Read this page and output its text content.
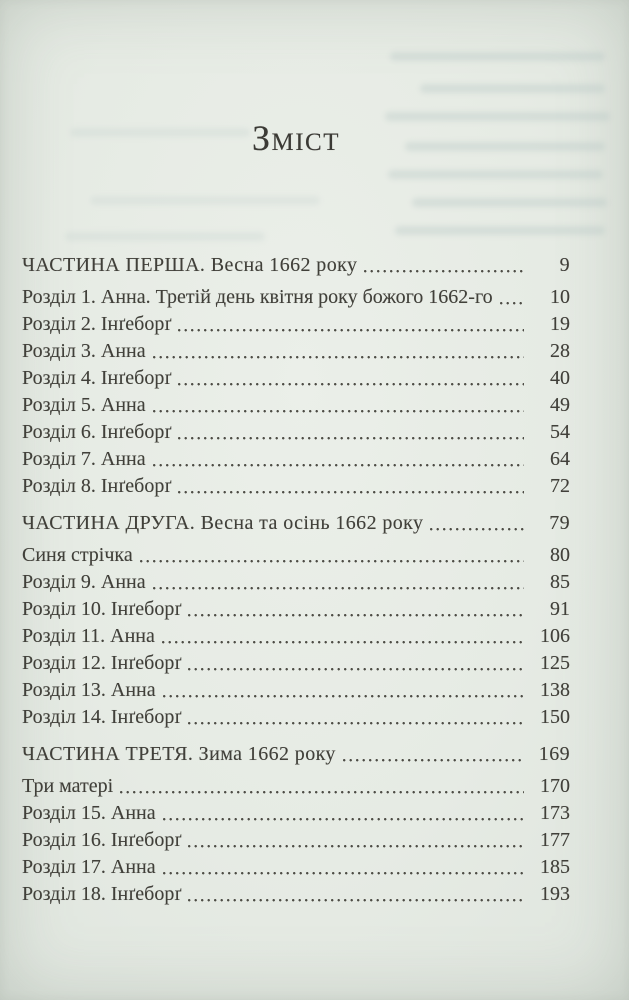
Зміст
ЧАСТИНА ПЕРША. Весна 1662 року	9
Розділ 1. Анна. Третій день квітня року божого 1662-го	10
Розділ 2. Інґеборґ	19
Розділ 3. Анна	28
Розділ 4. Інґеборґ	40
Розділ 5. Анна	49
Розділ 6. Інґеборґ	54
Розділ 7. Анна	64
Розділ 8. Інґеборґ	72
ЧАСТИНА ДРУГА. Весна та осінь 1662 року	79
Синя стрічка	80
Розділ 9. Анна	85
Розділ 10. Інґеборґ	91
Розділ 11. Анна	106
Розділ 12. Інґеборґ	125
Розділ 13. Анна	138
Розділ 14. Інґеборґ	150
ЧАСТИНА ТРЕТЯ. Зима 1662 року	169
Три матері	170
Розділ 15. Анна	173
Розділ 16. Інґеборґ	177
Розділ 17. Анна	185
Розділ 18. Інґеборґ	193
